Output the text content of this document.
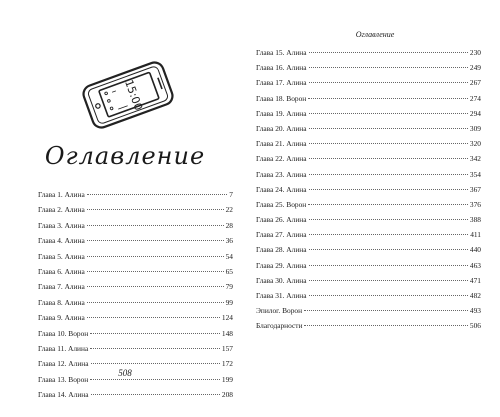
15:00
Оглавление
Глава 1. Алина	7
Глава 2. Алина	22
Глава 3. Алина	28
Глава 4. Алина	36
Глава 5. Алина	54
Глава 6. Алина	65
Глава 7. Алина	79
Глава 8. Алина	99
Глава 9. Алина	124
Глава 10. Ворон	148
Глава 11. Алина	157
Глава 12. Алина	172
Глава 13. Ворон	199
Глава 14. Алина	208
508
Оглавление
Глава 15. Алина	230
Глава 16. Алина	249
Глава 17. Алина	267
Глава 18. Ворон	274
Глава 19. Алина	294
Глава 20. Алина	309
Глава 21. Алина	320
Глава 22. Алина	342
Глава 23. Алина	354
Глава 24. Алина	367
Глава 25. Ворон	376
Глава 26. Алина	388
Глава 27. Алина	411
Глава 28. Алина	440
Глава 29. Алина	463
Глава 30. Алина	471
Глава 31. Алина	482
Эпилог. Ворон	493
Благодарности	506
